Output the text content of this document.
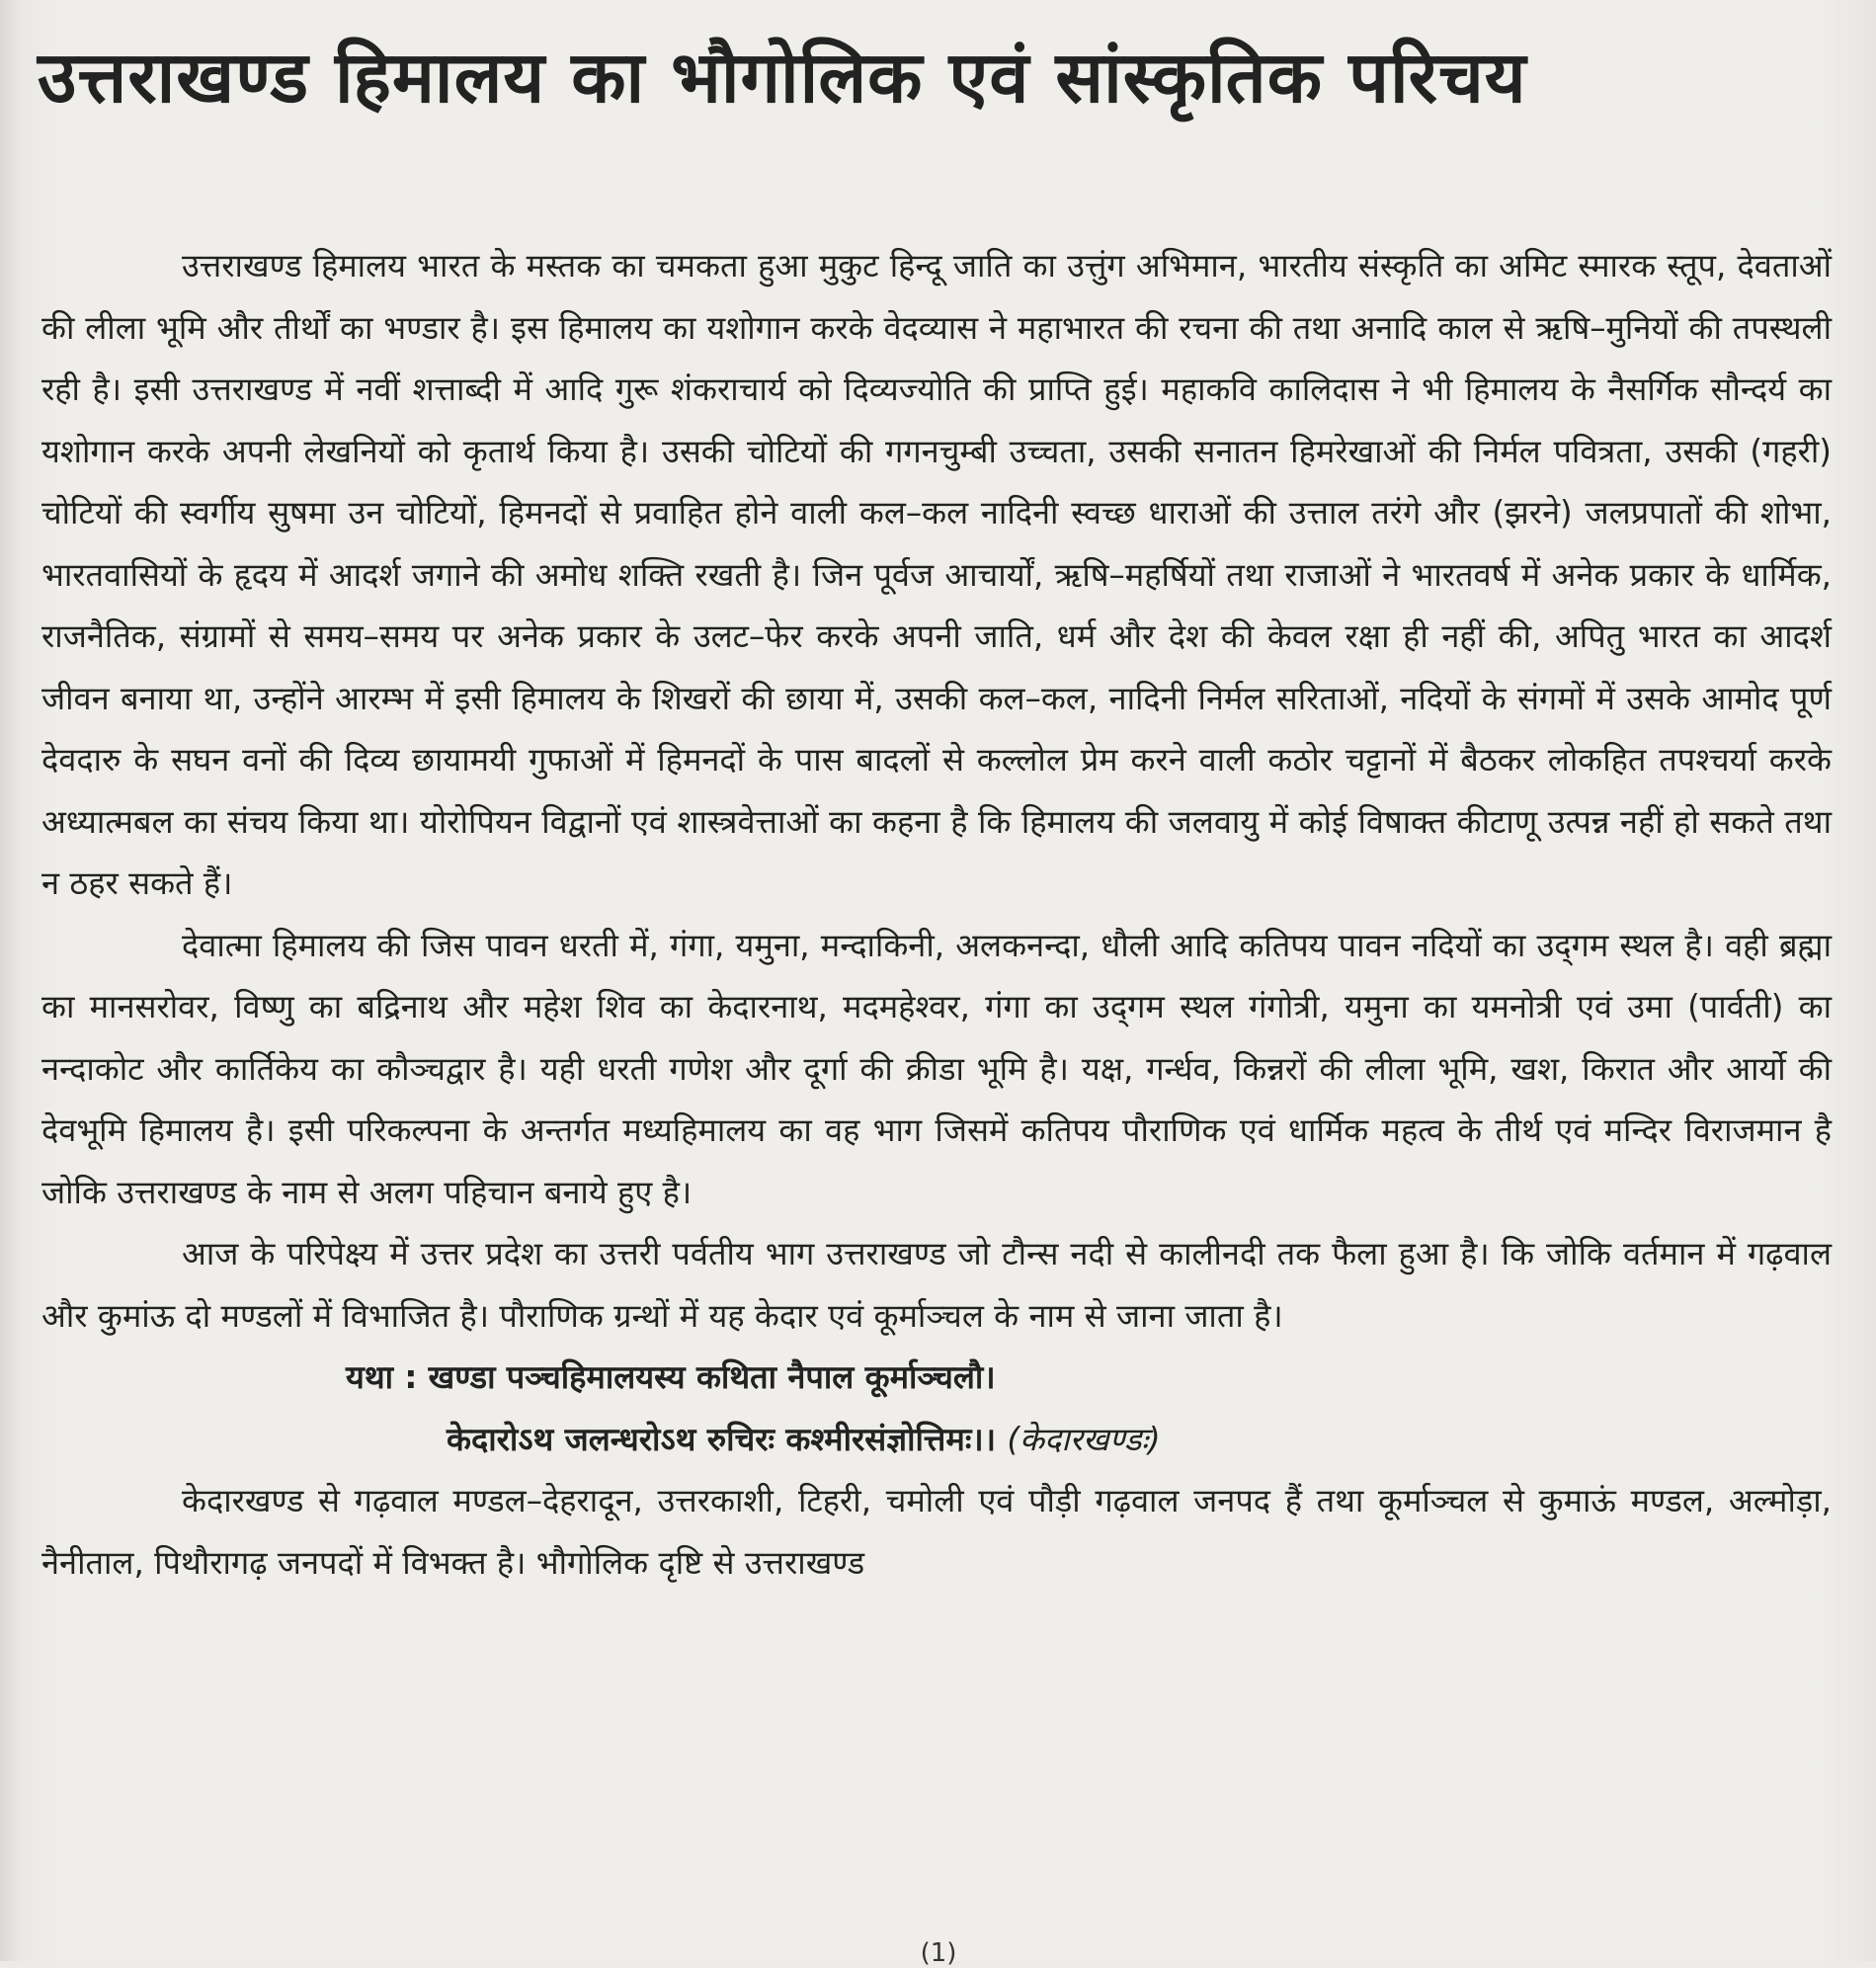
उत्तराखण्ड हिमालय का भौगोलिक एवं सांस्कृतिक परिचय

उत्तराखण्ड हिमालय भारत के मस्तक का चमकता हुआ मुकुट हिन्दू जाति का उत्तुंग अभिमान, भारतीय संस्कृति का अमिट स्मारक स्तूप, देवताओं की लीला भूमि और तीर्थों का भण्डार है। इस हिमालय का यशोगान करके वेदव्यास ने महाभारत की रचना की तथा अनादि काल से ऋषि–मुनियों की तपस्थली रही है। इसी उत्तराखण्ड में नवीं शत्ताब्दी में आदि गुरू शंकराचार्य को दिव्यज्योति की प्राप्ति हुई। महाकवि कालिदास ने भी हिमालय के नैसर्गिक सौन्दर्य का यशोगान करके अपनी लेखनियों को कृतार्थ किया है। उसकी चोटियों की गगनचुम्बी उच्चता, उसकी सनातन हिमरेखाओं की निर्मल पवित्रता, उसकी (गहरी) चोटियों की स्वर्गीय सुषमा उन चोटियों, हिमनदों से प्रवाहित होने वाली कल–कल नादिनी स्वच्छ धाराओं की उत्ताल तरंगे और (झरने) जलप्रपातों की शोभा, भारतवासियों के हृदय में आदर्श जगाने की अमोध शक्ति रखती है। जिन पूर्वज आचार्यों, ऋषि–महर्षियों तथा राजाओं ने भारतवर्ष में अनेक प्रकार के धार्मिक, राजनैतिक, संग्रामों से समय–समय पर अनेक प्रकार के उलट–फेर करके अपनी जाति, धर्म और देश की केवल रक्षा ही नहीं की, अपितु भारत का आदर्श जीवन बनाया था, उन्होंने आरम्भ में इसी हिमालय के शिखरों की छाया में, उसकी कल–कल, नादिनी निर्मल सरिताओं, नदियों के संगमों में उसके आमोद पूर्ण देवदारु के सघन वनों की दिव्य छायामयी गुफाओं में हिमनदों के पास बादलों से कल्लोल प्रेम करने वाली कठोर चट्टानों में बैठकर लोकहित तपश्चर्या करके अध्यात्मबल का संचय किया था। योरोपियन विद्वानों एवं शास्त्रवेत्ताओं का कहना है कि हिमालय की जलवायु में कोई विषाक्त कीटाणू उत्पन्न नहीं हो सकते तथा न ठहर सकते हैं।

देवात्मा हिमालय की जिस पावन धरती में, गंगा, यमुना, मन्दाकिनी, अलकनन्दा, धौली आदि कतिपय पावन नदियों का उद्‌गम स्थल है। वही ब्रह्मा का मानसरोवर, विष्णु का बद्रिनाथ और महेश शिव का केदारनाथ, मदमहेश्वर, गंगा का उद्‌गम स्थल गंगोत्री, यमुना का यमनोत्री एवं उमा (पार्वती) का नन्दाकोट और कार्तिकेय का कौञ्चद्वार है। यही धरती गणेश और दूर्गा की क्रीडा भूमि है। यक्ष, गर्न्धव, किन्नरों की लीला भूमि, खश, किरात और आर्यो की देवभूमि हिमालय है। इसी परिकल्पना के अन्तर्गत मध्यहिमालय का वह भाग जिसमें कतिपय पौराणिक एवं धार्मिक महत्व के तीर्थ एवं मन्दिर विराजमान है जोकि उत्तराखण्ड के नाम से अलग पहिचान बनाये हुए है।

आज के परिपेक्ष्य में उत्तर प्रदेश का उत्तरी पर्वतीय भाग उत्तराखण्ड जो टौन्स नदी से कालीनदी तक फैला हुआ है। कि जोकि वर्तमान में गढ़वाल और कुमांऊ दो मण्डलों में विभाजित है। पौराणिक ग्रन्थों में यह केदार एवं कूर्माञ्चल के नाम से जाना जाता है।

यथा : खण्डा पञ्चहिमालयस्य कथिता नैपाल कूर्माञ्चलौ।

केदारोऽथ जलन्धरोऽथ रुचिरः कश्मीरसंज्ञोत्तिमः।। (केदारखण्डः)

केदारखण्ड से गढ़वाल मण्डल–देहरादून, उत्तरकाशी, टिहरी, चमोली एवं पौड़ी गढ़वाल जनपद हैं तथा कूर्माञ्चल से कुमाऊं मण्डल, अल्मोड़ा, नैनीताल, पिथौरागढ़ जनपदों में विभक्त है। भौगोलिक दृष्टि से उत्तराखण्ड

(1)
